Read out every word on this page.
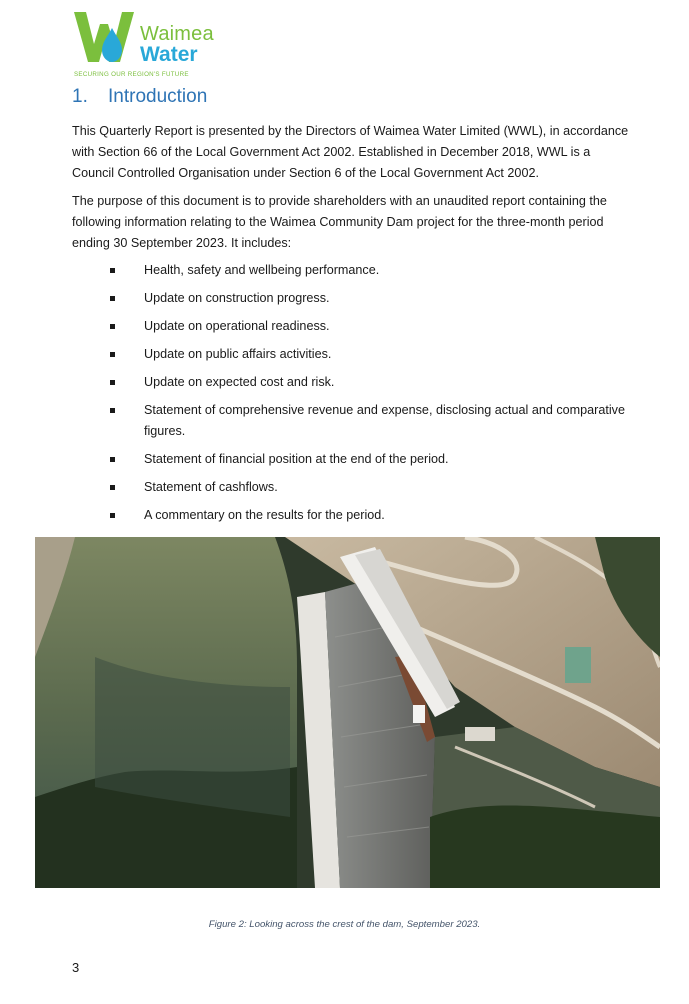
Waimea
Water
SECURING OUR REGION'S FUTURE
1. Introduction
This Quarterly Report is presented by the Directors of Waimea Water Limited (WWL), in accordance with Section 66 of the Local Government Act 2002. Established in December 2018, WWL is a Council Controlled Organisation under Section 6 of the Local Government Act 2002.
The purpose of this document is to provide shareholders with an unaudited report containing the following information relating to the Waimea Community Dam project for the three-month period ending 30 September 2023. It includes:
Health, safety and wellbeing performance.
Update on construction progress.
Update on operational readiness.
Update on public affairs activities.
Update on expected cost and risk.
Statement of comprehensive revenue and expense, disclosing actual and comparative figures.
Statement of financial position at the end of the period.
Statement of cashflows.
A commentary on the results for the period.
Figure 2: Looking across the crest of the dam, September 2023.
3
